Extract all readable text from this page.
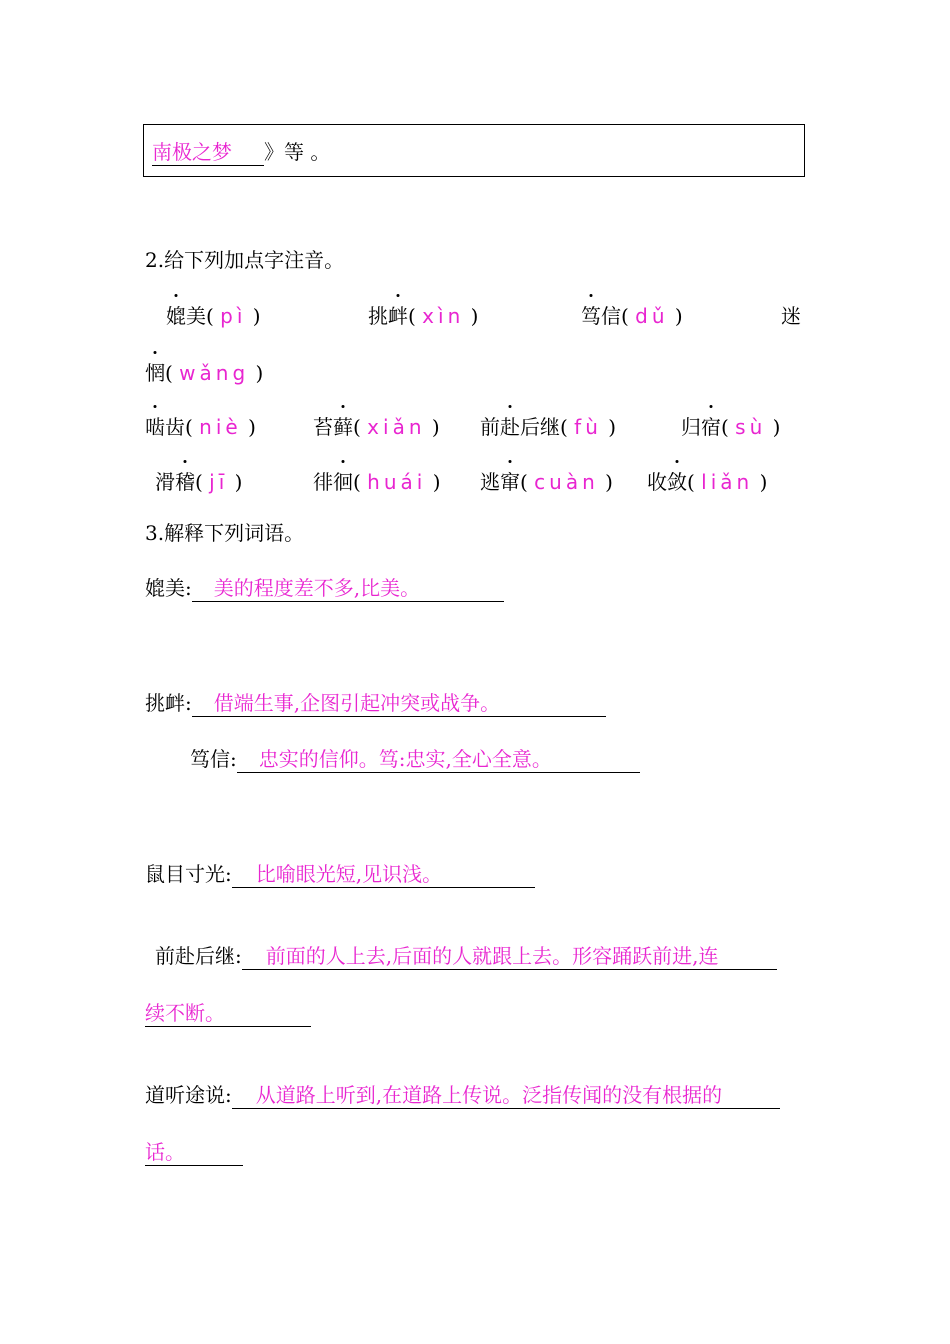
南极之梦 》等 。
2.给下列加点字注音。
媲美( pì )	挑衅( xìn )	笃信( dǔ )	迷
惘( wǎng )
啮齿( niè )	苔藓( xiǎn ) 前赴后继( fù )	归宿( sù )
滑稽( jī )	徘徊( huái ) 逃窜( cuàn ) 收敛( liǎn )
3.解释下列词语。
媲美: 美的程度差不多,比美。
挑衅: 借端生事,企图引起冲突或战争。
笃信: 忠实的信仰。笃:忠实,全心全意。
鼠目寸光: 比喻眼光短,见识浅。
前赴后继: 前面的人上去,后面的人就跟上去。形容踊跃前进,连
续不断。
道听途说: 从道路上听到,在道路上传说。泛指传闻的没有根据的
话。
